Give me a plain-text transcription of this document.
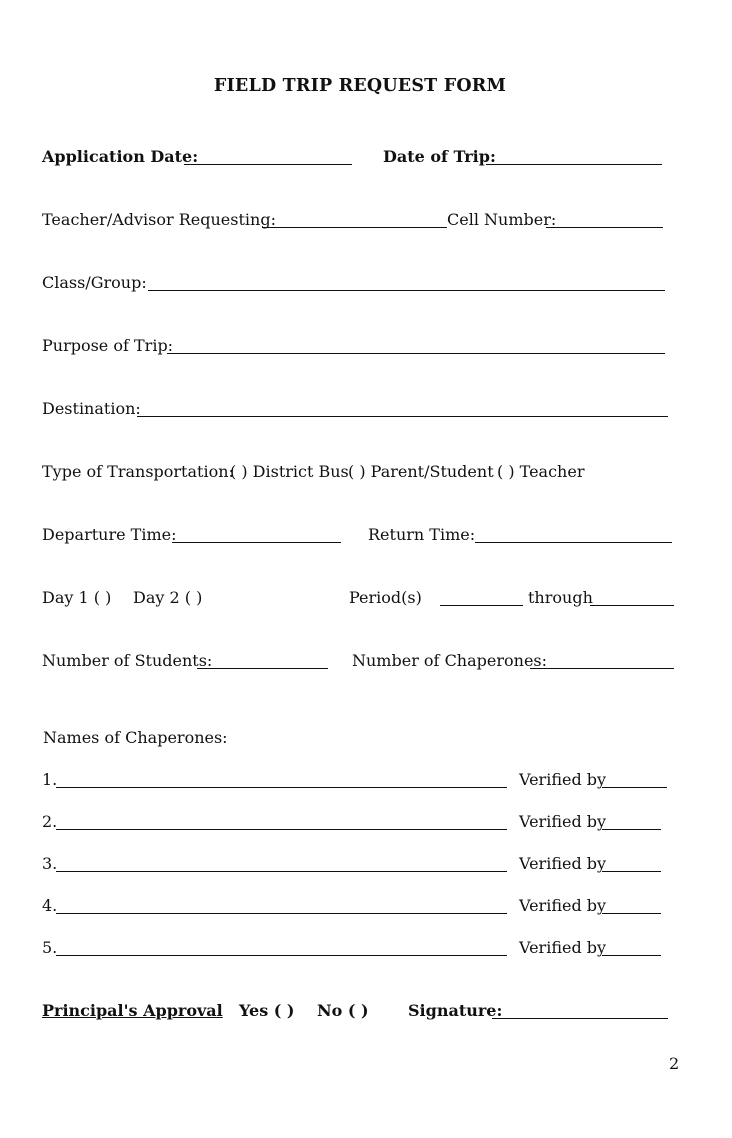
FIELD TRIP REQUEST FORM
Application Date:	Date of Trip:
Teacher/Advisor Requesting:	Cell Number:
Class/Group:
Purpose of Trip:
Destination:
Type of Transportation:
( ) District Bus ( ) Parent/Student ( ) Teacher
Departure Time:	Return Time:
Day 1 ( ) Day 2 ( )	Period(s)	through
Number of Students:	Number of Chaperones:
Names of Chaperones:
1.	Verified by
2.	Verified by
3.	Verified by
4.	Verified by
5.	Verified by
Principal's Approval Yes ( ) No ( ) Signature:
2
